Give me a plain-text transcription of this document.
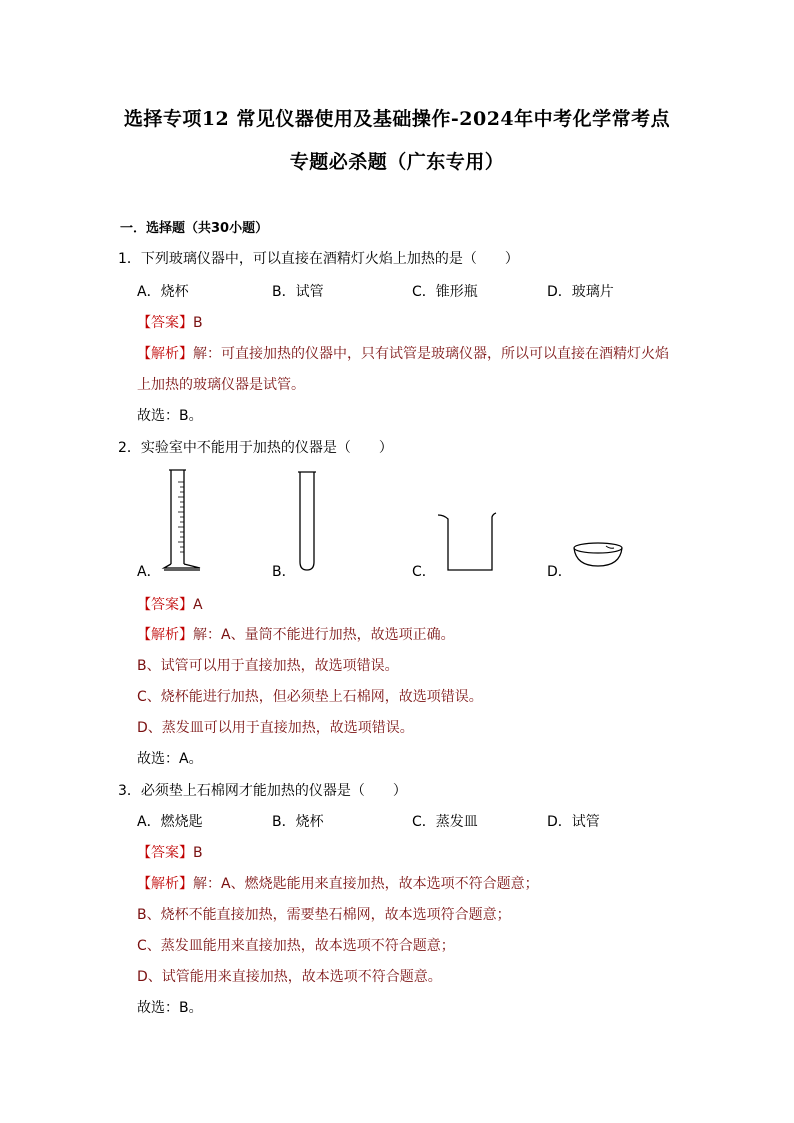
选择专项12 常见仪器使用及基础操作-2024年中考化学常考点
专题必杀题（广东专用）
一．选择题（共30小题）
1．下列玻璃仪器中，可以直接在酒精灯火焰上加热的是（　　）
A．烧杯	B．试管	C．锥形瓶	D．玻璃片
【答案】B
【解析】解：可直接加热的仪器中，只有试管是玻璃仪器，所以可以直接在酒精灯火焰
上加热的玻璃仪器是试管。
故选：B。
2．实验室中不能用于加热的仪器是（　　）
A．	B．	C．	D．
【答案】A
【解析】解：A、量筒不能进行加热，故选项正确。
B、试管可以用于直接加热，故选项错误。
C、烧杯能进行加热，但必须垫上石棉网，故选项错误。
D、蒸发皿可以用于直接加热，故选项错误。
故选：A。
3．必须垫上石棉网才能加热的仪器是（　　）
A．燃烧匙	B．烧杯	C．蒸发皿	D．试管
【答案】B
【解析】解：A、燃烧匙能用来直接加热，故本选项不符合题意；
B、烧杯不能直接加热，需要垫石棉网，故本选项符合题意；
C、蒸发皿能用来直接加热，故本选项不符合题意；
D、试管能用来直接加热，故本选项不符合题意。
故选：B。
